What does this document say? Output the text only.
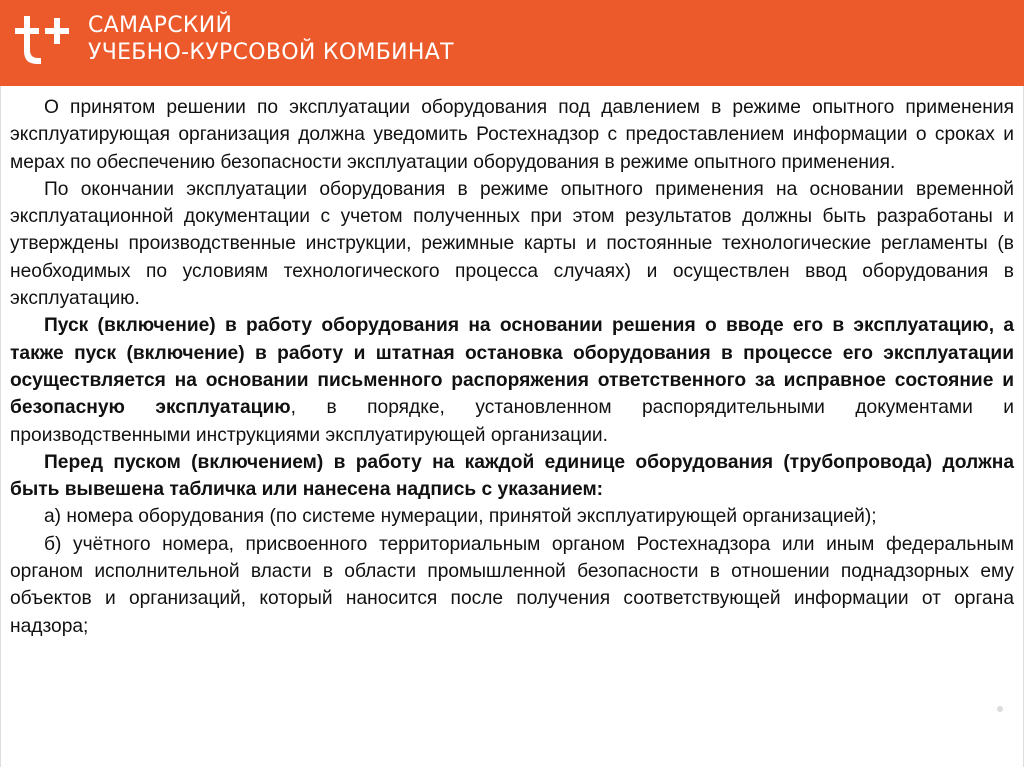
САМАРСКИЙ
УЧЕБНО-КУРСОВОЙ КОМБИНАТ

О принятом решении по эксплуатации оборудования под давлением в режиме опытного применения эксплуатирующая организация должна уведомить Ростехнадзор с предоставлением информации о сроках и мерах по обеспечению безопасности эксплуатации оборудования в режиме опытного применения.

По окончании эксплуатации оборудования в режиме опытного применения на основании временной эксплуатационной документации с учетом полученных при этом результатов должны быть разработаны и утверждены производственные инструкции, режимные карты и постоянные технологические регламенты (в необходимых по условиям технологического процесса случаях) и осуществлен ввод оборудования в эксплуатацию.

Пуск (включение) в работу оборудования на основании решения о вводе его в эксплуатацию, а также пуск (включение) в работу и штатная остановка оборудования в процессе его эксплуатации осуществляется на основании письменного распоряжения ответственного за исправное состояние и безопасную эксплуатацию, в порядке, установленном распорядительными документами и производственными инструкциями эксплуатирующей организации.

Перед пуском (включением) в работу на каждой единице оборудования (трубопровода) должна быть вывешена табличка или нанесена надпись с указанием:

а) номера оборудования (по системе нумерации, принятой эксплуатирующей организацией);

б) учётного номера, присвоенного территориальным органом Ростехнадзора или иным федеральным органом исполнительной власти в области промышленной безопасности в отношении поднадзорных ему объектов и организаций, который наносится после получения соответствующей информации от органа надзора;
